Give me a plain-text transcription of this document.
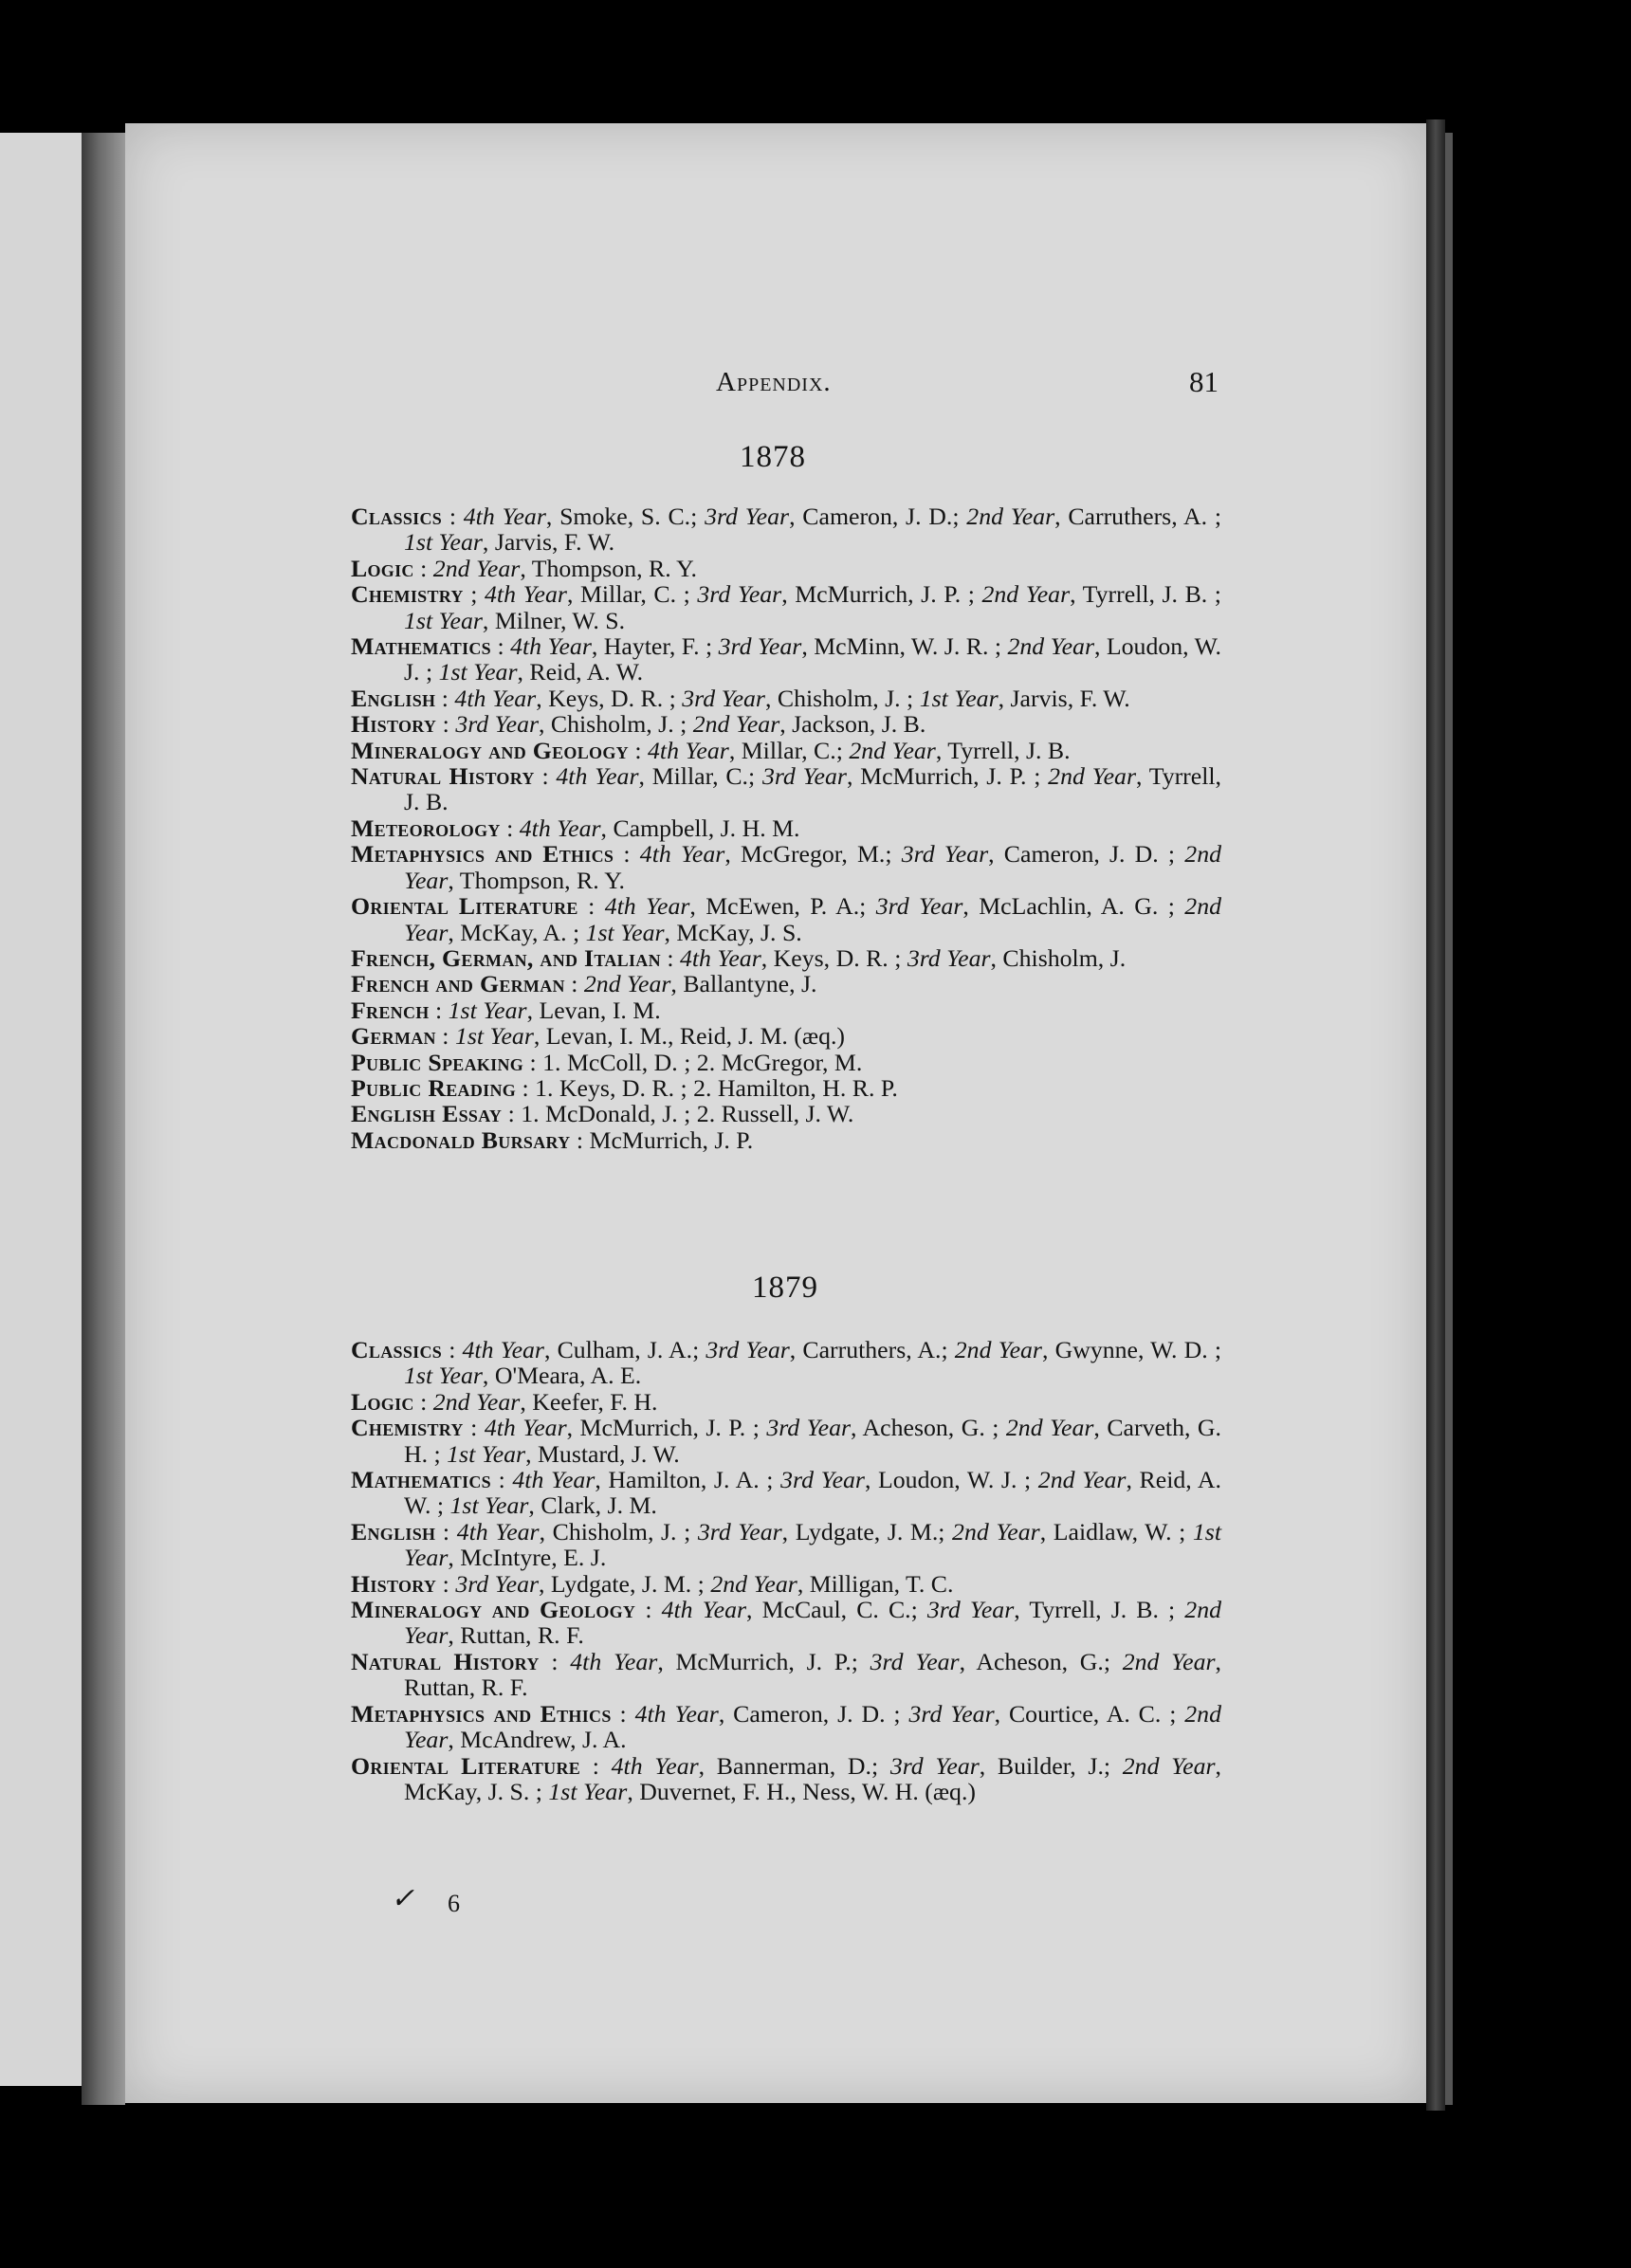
Appendix.	81
1878
Classics : 4th Year, Smoke, S. C.; 3rd Year, Cameron, J. D.; 2nd Year, Carruthers, A. ; 1st Year, Jarvis, F. W.
Logic : 2nd Year, Thompson, R. Y.
Chemistry ; 4th Year, Millar, C. ; 3rd Year, McMurrich, J. P. ; 2nd Year, Tyrrell, J. B. ; 1st Year, Milner, W. S.
Mathematics : 4th Year, Hayter, F. ; 3rd Year, McMinn, W. J. R. ; 2nd Year, Loudon, W. J. ; 1st Year, Reid, A. W.
English : 4th Year, Keys, D. R. ; 3rd Year, Chisholm, J. ; 1st Year, Jarvis, F. W.
History : 3rd Year, Chisholm, J. ; 2nd Year, Jackson, J. B.
Mineralogy and Geology : 4th Year, Millar, C.; 2nd Year, Tyrrell, J. B.
Natural History : 4th Year, Millar, C.; 3rd Year, McMurrich, J. P. ; 2nd Year, Tyrrell, J. B.
Meteorology : 4th Year, Campbell, J. H. M.
Metaphysics and Ethics : 4th Year, McGregor, M.; 3rd Year, Cameron, J. D. ; 2nd Year, Thompson, R. Y.
Oriental Literature : 4th Year, McEwen, P. A.; 3rd Year, McLachlin, A. G. ; 2nd Year, McKay, A. ; 1st Year, McKay, J. S.
French, German, and Italian : 4th Year, Keys, D. R. ; 3rd Year, Chisholm, J.
French and German : 2nd Year, Ballantyne, J.
French : 1st Year, Levan, I. M.
German : 1st Year, Levan, I. M., Reid, J. M. (æq.)
Public Speaking : 1. McColl, D. ; 2. McGregor, M.
Public Reading : 1. Keys, D. R. ; 2. Hamilton, H. R. P.
English Essay : 1. McDonald, J. ; 2. Russell, J. W.
Macdonald Bursary : McMurrich, J. P.
1879
Classics : 4th Year, Culham, J. A.; 3rd Year, Carruthers, A.; 2nd Year, Gwynne, W. D. ; 1st Year, O'Meara, A. E.
Logic : 2nd Year, Keefer, F. H.
Chemistry : 4th Year, McMurrich, J. P. ; 3rd Year, Acheson, G. ; 2nd Year, Carveth, G. H. ; 1st Year, Mustard, J. W.
Mathematics : 4th Year, Hamilton, J. A. ; 3rd Year, Loudon, W. J. ; 2nd Year, Reid, A. W. ; 1st Year, Clark, J. M.
English : 4th Year, Chisholm, J. ; 3rd Year, Lydgate, J. M.; 2nd Year, Laidlaw, W. ; 1st Year, McIntyre, E. J.
History : 3rd Year, Lydgate, J. M. ; 2nd Year, Milligan, T. C.
Mineralogy and Geology : 4th Year, McCaul, C. C.; 3rd Year, Tyrrell, J. B. ; 2nd Year, Ruttan, R. F.
Natural History : 4th Year, McMurrich, J. P.; 3rd Year, Acheson, G.; 2nd Year, Ruttan, R. F.
Metaphysics and Ethics : 4th Year, Cameron, J. D. ; 3rd Year, Courtice, A. C. ; 2nd Year, McAndrew, J. A.
Oriental Literature : 4th Year, Bannerman, D.; 3rd Year, Builder, J.; 2nd Year, McKay, J. S. ; 1st Year, Duvernet, F. H., Ness, W. H. (æq.)
✓ 6
